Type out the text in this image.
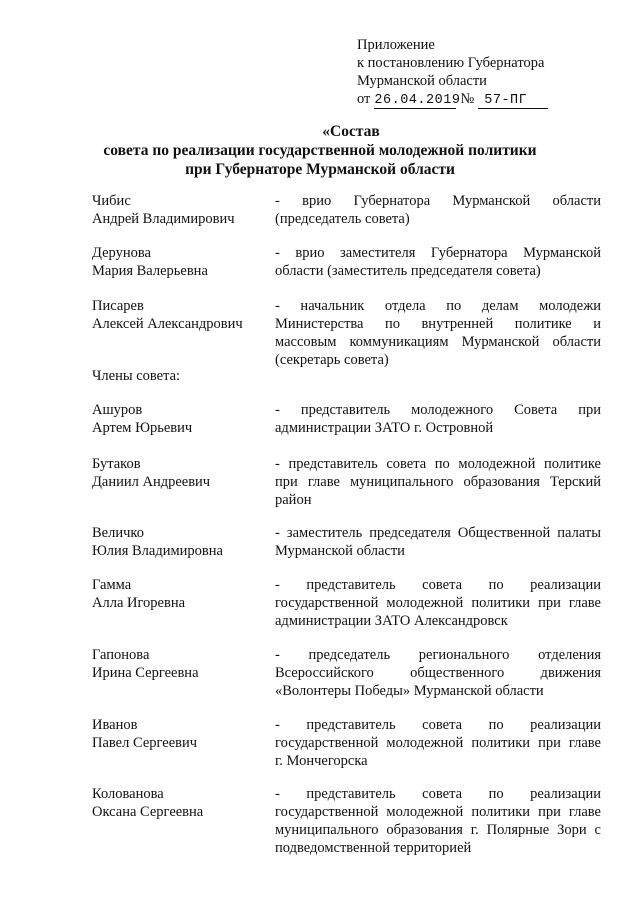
Приложение
к постановлению Губернатора
Мурманской области
от 26.04.2019№ 57-ПГ
«Состав
совета по реализации государственной молодежной политики
при Губернаторе Мурманской области
Чибис
Андрей Владимирович

- врио Губернатора Мурманской области

(председатель совета)

Дерунова
Мария Валерьевна

- врио заместителя Губернатора Мурманской

области (заместитель председателя совета)

Писарев
Алексей Александрович

- начальник отдела по делам молодежи

Министерства по внутренней политике и

массовым коммуникациям Мурманской области

(секретарь совета)

Члены совета:
Ашуров
Артем Юрьевич

- представитель молодежного Совета при

администрации ЗАТО г. Островной

Бутаков
Даниил Андреевич

- представитель совета по молодежной политике

при главе муниципального образования Терский

район

Величко
Юлия Владимировна

- заместитель председателя Общественной палаты

Мурманской области

Гамма
Алла Игоревна

- представитель совета по реализации

государственной молодежной политики при главе

администрации ЗАТО Александровск

Гапонова
Ирина Сергеевна

- председатель регионального отделения

Всероссийского общественного движения

«Волонтеры Победы» Мурманской области

Иванов
Павел Сергеевич

- представитель совета по реализации

государственной молодежной политики при главе

г. Мончегорска

Колованова
Оксана Сергеевна

- представитель совета по реализации

государственной молодежной политики при главе

муниципального образования г. Полярные Зори с

подведомственной территорией
